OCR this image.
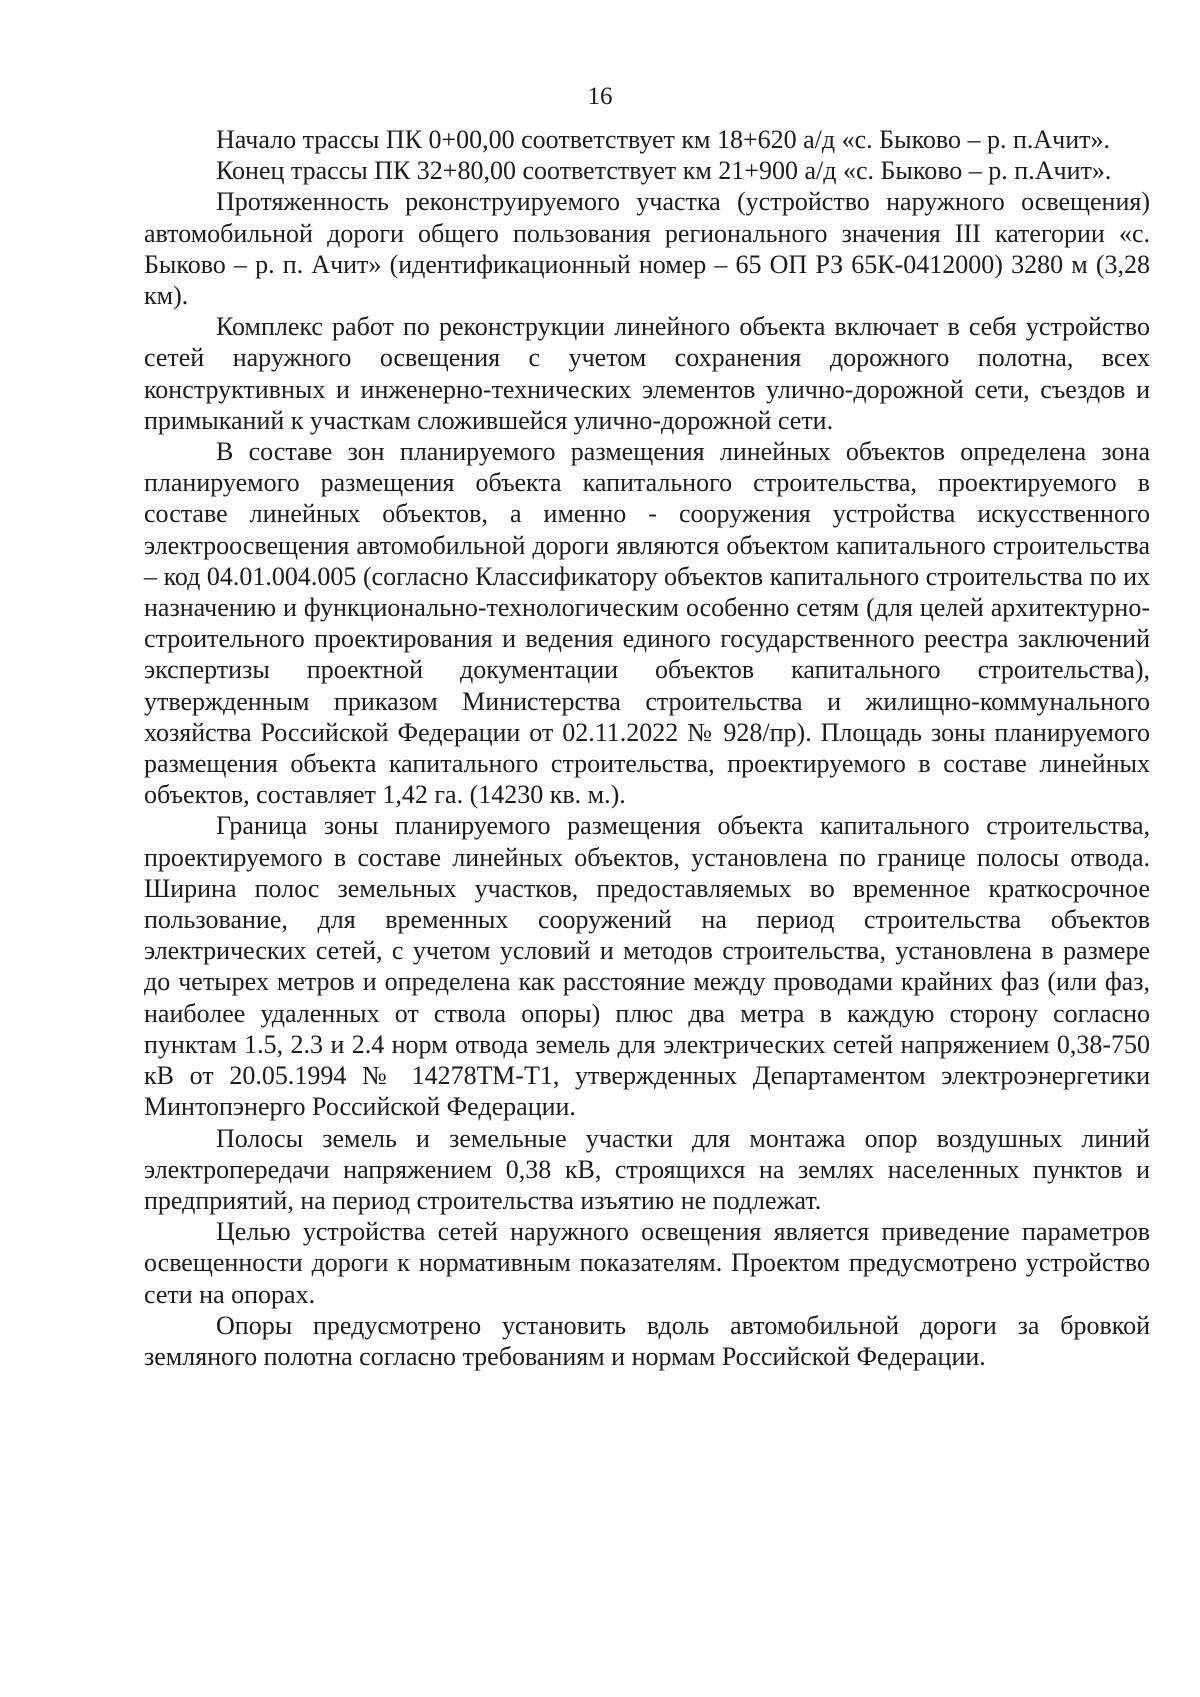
16

Начало трассы ПК 0+00,00 соответствует км 18+620 а/д «с. Быково – р. п.Ачит».

Конец трассы ПК 32+80,00 соответствует км 21+900 а/д «с. Быково – р. п.Ачит».

Протяженность реконструируемого участка (устройство наружного освещения) автомобильной дороги общего пользования регионального значения III категории «с. Быково – р. п. Ачит» (идентификационный номер – 65 ОП РЗ 65К-0412000) 3280 м (3,28 км).

Комплекс работ по реконструкции линейного объекта включает в себя устройство сетей наружного освещения с учетом сохранения дорожного полотна, всех конструктивных и инженерно-технических элементов улично-дорожной сети, съездов и примыканий к участкам сложившейся улично-дорожной сети.

В составе зон планируемого размещения линейных объектов определена зона планируемого размещения объекта капитального строительства, проектируемого в составе линейных объектов, а именно - сооружения устройства искусственного электроосвещения автомобильной дороги являются объектом капитального строительства – код 04.01.004.005 (согласно Классификатору объектов капитального строительства по их назначению и функционально-технологическим особенно сетям (для целей архитектурно-строительного проектирования и ведения единого государственного реестра заключений экспертизы проектной документации объектов капитального строительства), утвержденным приказом Министерства строительства и жилищно-коммунального хозяйства Российской Федерации от 02.11.2022 № 928/пр). Площадь зоны планируемого размещения объекта капитального строительства, проектируемого в составе линейных объектов, составляет 1,42 га. (14230 кв. м.).

Граница зоны планируемого размещения объекта капитального строительства, проектируемого в составе линейных объектов, установлена по границе полосы отвода. Ширина полос земельных участков, предоставляемых во временное краткосрочное пользование, для временных сооружений на период строительства объектов электрических сетей, с учетом условий и методов строительства, установлена в размере до четырех метров и определена как расстояние между проводами крайних фаз (или фаз, наиболее удаленных от ствола опоры) плюс два метра в каждую сторону согласно пунктам 1.5, 2.3 и 2.4 норм отвода земель для электрических сетей напряжением 0,38-750 кВ от 20.05.1994 № 14278ТМ-Т1, утвержденных Департаментом электроэнергетики Минтопэнерго Российской Федерации.

Полосы земель и земельные участки для монтажа опор воздушных линий электропередачи напряжением 0,38 кВ, строящихся на землях населенных пунктов и предприятий, на период строительства изъятию не подлежат.

Целью устройства сетей наружного освещения является приведение параметров освещенности дороги к нормативным показателям. Проектом предусмотрено устройство сети на опорах.

Опоры предусмотрено установить вдоль автомобильной дороги за бровкой земляного полотна согласно требованиям и нормам Российской Федерации.
